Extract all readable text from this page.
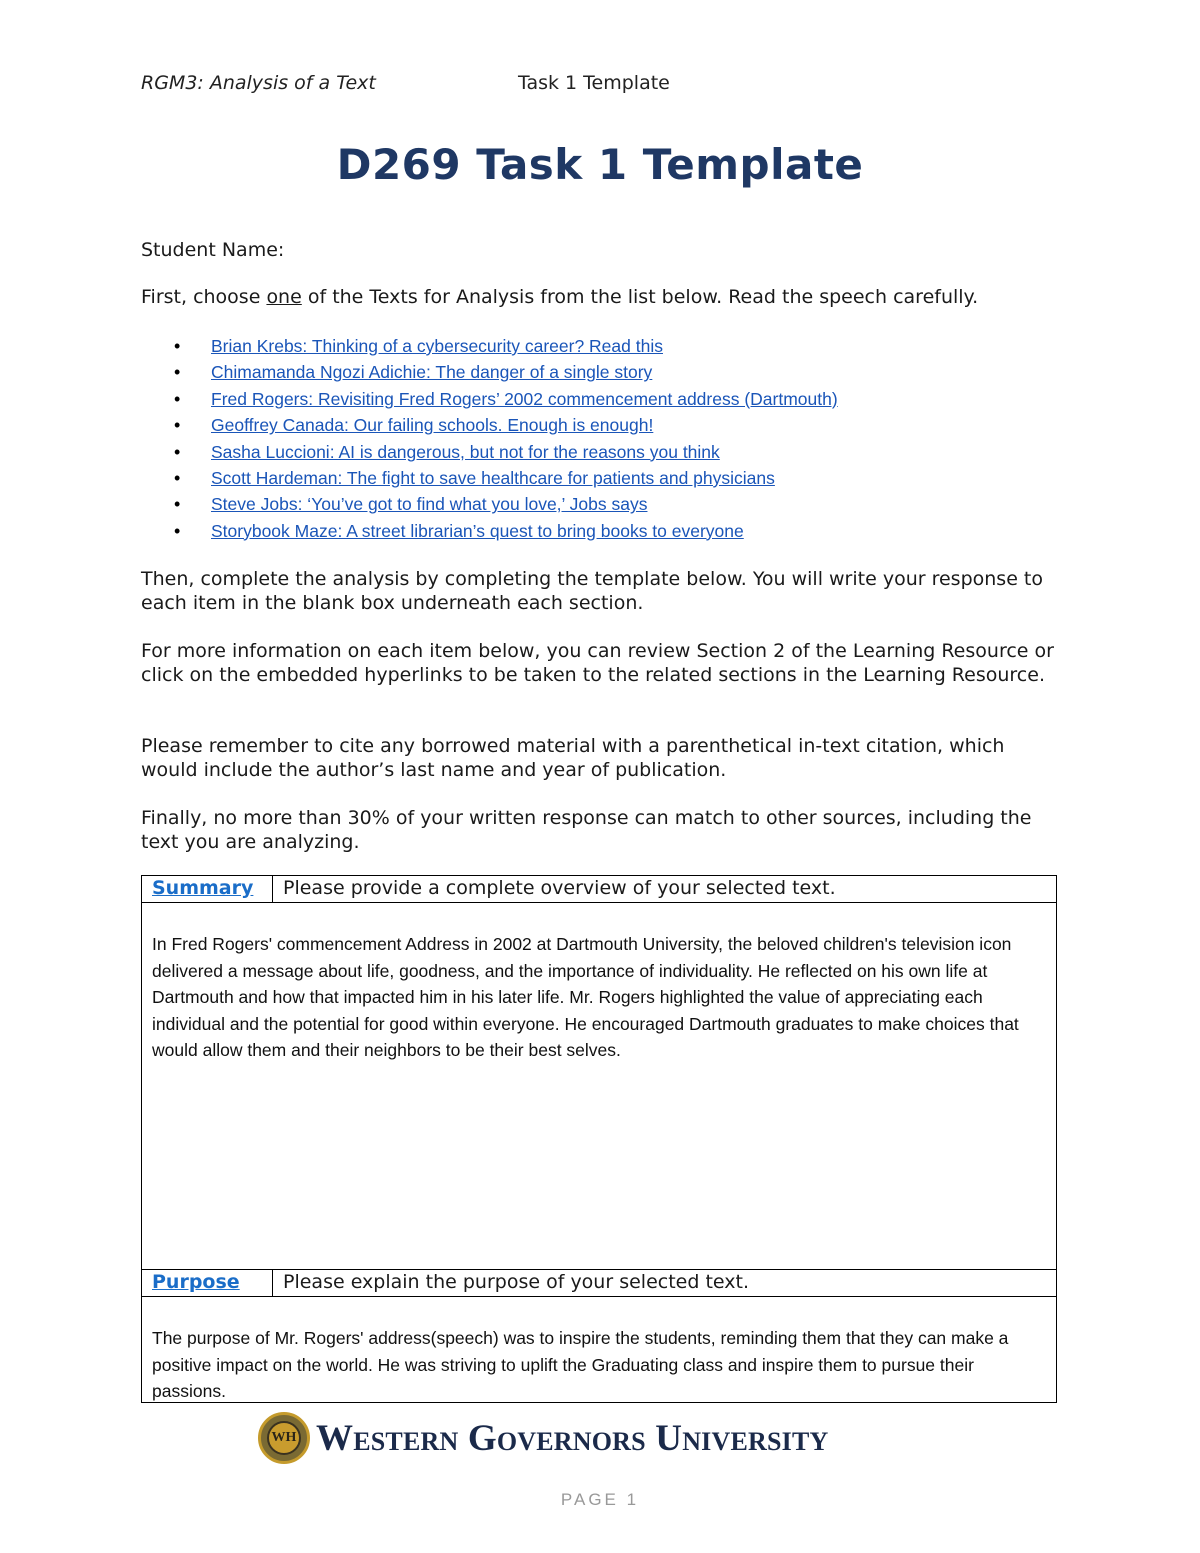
RGM3: Analysis of a Text	Task 1 Template
D269 Task 1 Template

Student Name:

First, choose one of the Texts for Analysis from the list below. Read the speech carefully.

• Brian Krebs: Thinking of a cybersecurity career? Read this
• Chimamanda Ngozi Adichie: The danger of a single story
• Fred Rogers: Revisiting Fred Rogers’ 2002 commencement address (Dartmouth)
• Geoffrey Canada: Our failing schools. Enough is enough!
• Sasha Luccioni: AI is dangerous, but not for the reasons you think
• Scott Hardeman: The fight to save healthcare for patients and physicians
• Steve Jobs: ‘You’ve got to find what you love,’ Jobs says
• Storybook Maze: A street librarian’s quest to bring books to everyone

Then, complete the analysis by completing the template below. You will write your response to each item in the blank box underneath each section.

For more information on each item below, you can review Section 2 of the Learning Resource or click on the embedded hyperlinks to be taken to the related sections in the Learning Resource.

Please remember to cite any borrowed material with a parenthetical in-text citation, which would include the author’s last name and year of publication.

Finally, no more than 30% of your written response can match to other sources, including the text you are analyzing.

Summary	Please provide a complete overview of your selected text.
In Fred Rogers' commencement Address in 2002 at Dartmouth University, the beloved children's television icon delivered a message about life, goodness, and the importance of individuality. He reflected on his own life at Dartmouth and how that impacted him in his later life. Mr. Rogers highlighted the value of appreciating each individual and the potential for good within everyone. He encouraged Dartmouth graduates to make choices that would allow them and their neighbors to be their best selves.
Purpose	Please explain the purpose of your selected text.
The purpose of Mr. Rogers' address(speech) was to inspire the students, reminding them that they can make a positive impact on the world. He was striving to uplift the Graduating class and inspire them to pursue their passions.
WH Western Governors University
PAGE 1
